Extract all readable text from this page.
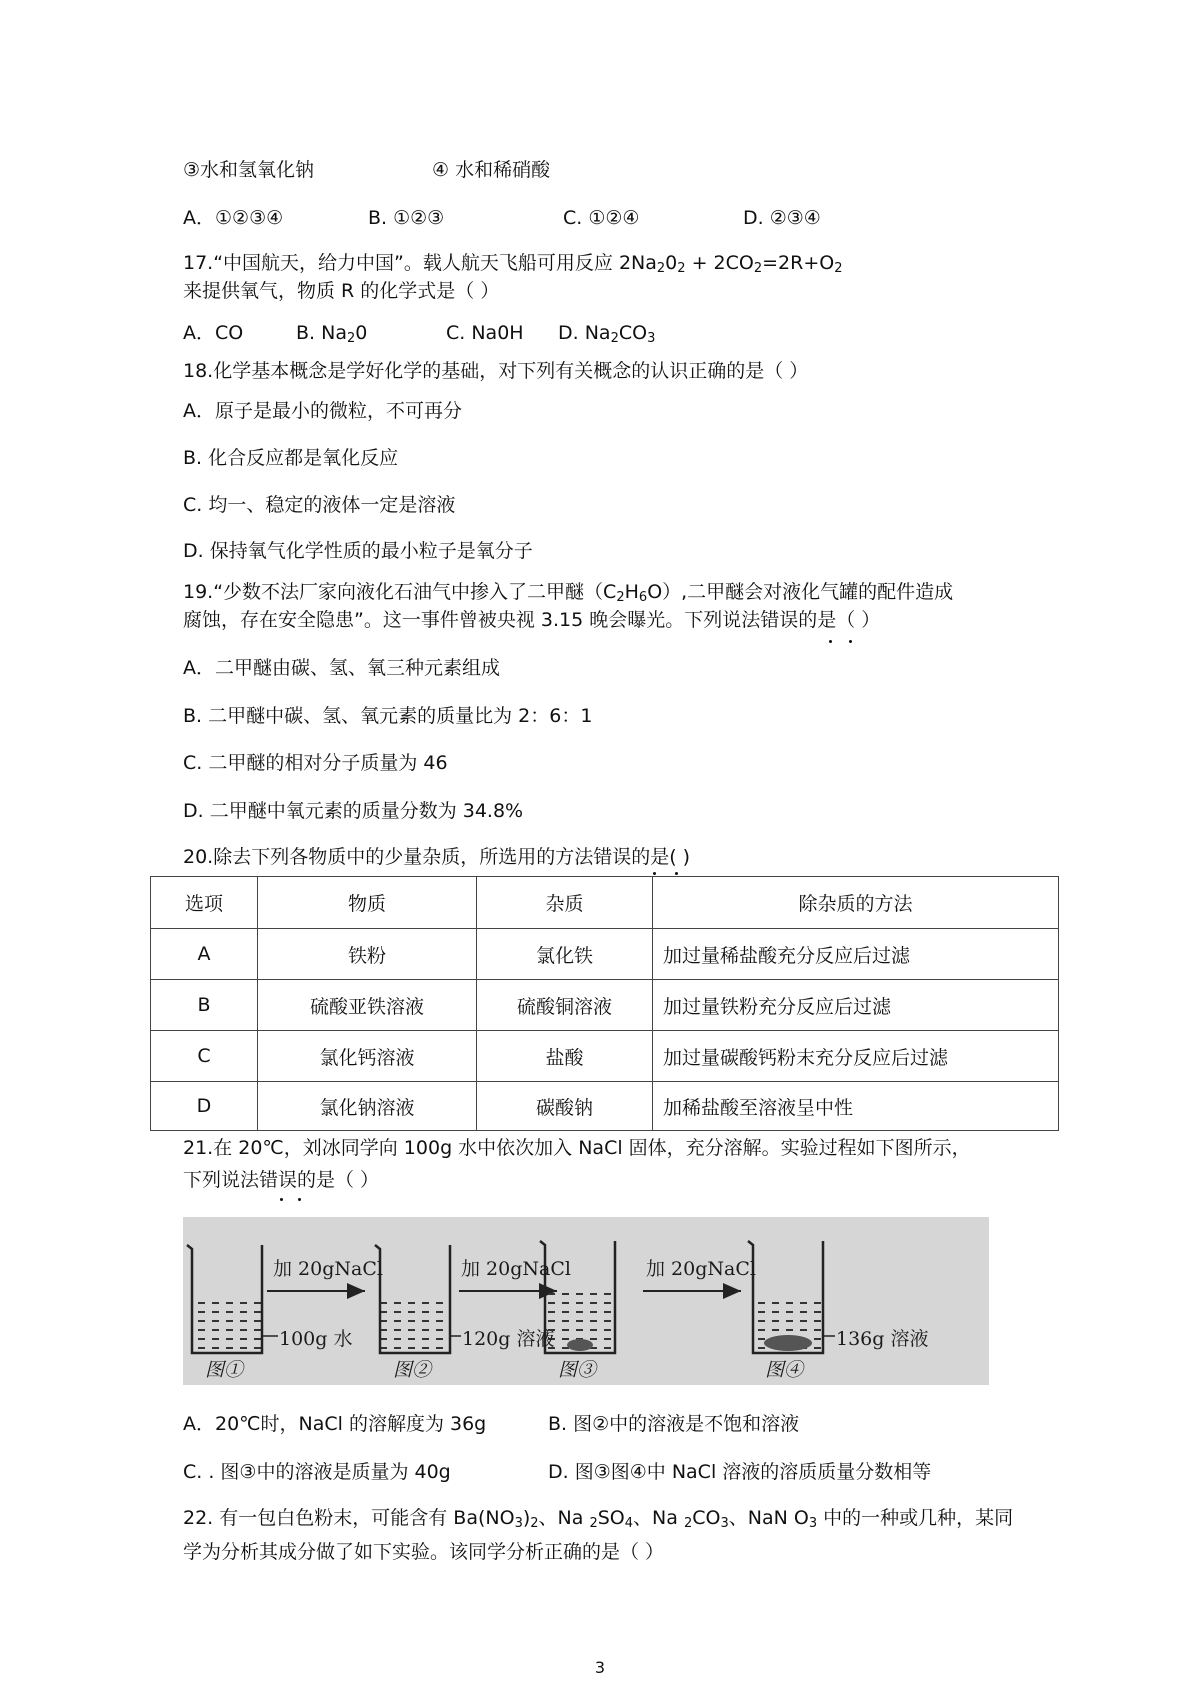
③水和氢氧化钠	④ 水和稀硝酸
A．①②③④	B. ①②③	C. ①②④	D. ②③④
17.“中国航天，给力中国”。载人航天飞船可用反应 $2Na_20_2 + 2CO_2=2R+O_2$
来提供氧气，物质 R 的化学式是（ ）
A．CO	B. $Na_20$	C. Na0H D. $Na_2CO_3$
18.化学基本概念是学好化学的基础，对下列有关概念的认识正确的是（ ）
A．原子是最小的微粒，不可再分
B. 化合反应都是氧化反应
C. 均一、稳定的液体一定是溶液
D. 保持氧气化学性质的最小粒子是氧分子
19.“少数不法厂家向液化石油气中掺入了二甲醚$(C_2H_6O)$,二甲醚会对液化气罐的配件造成
腐蚀，存在安全隐患”。这一事件曾被央视 3.15 晚会曝光。下列说法错误的是（ ）
A．二甲醚由碳、氢、氧三种元素组成
B. 二甲醚中碳、氢、氧元素的质量比为 2：6：1
C. 二甲醚的相对分子质量为 46
D. 二甲醚中氧元素的质量分数为 34.8%
20.除去下列各物质中的少量杂质，所选用的方法错误的是( )
选项	物质	杂质	除杂质的方法
A	铁粉	氯化铁	加过量稀盐酸充分反应后过滤
B	硫酸亚铁溶液	硫酸铜溶液	加过量铁粉充分反应后过滤
C	氯化钙溶液	盐酸	加过量碳酸钙粉末充分反应后过滤
D	氯化钠溶液	碳酸钠	加稀盐酸至溶液呈中性
21.在 20℃，刘冰同学向 100g 水中依次加入 NaCl 固体，充分溶解。实验过程如下图所示，
下列说法错误的是（ ）
加 20gNaCl	加 20gNaCl	加 20gNaCl
100g 水	120g 溶液	136g 溶液
图①	图②	图③	图④
A．20℃时，NaCl 的溶解度为 36g	B. 图②中的溶液是不饱和溶液
C. . 图③中的溶液是质量为 40g	D. 图③图④中 NaCl 溶液的溶质质量分数相等
22. 有一包白色粉末，可能含有 $Ba(NO_3)_2$、Na $_2SO_4$、Na $_2CO_3$、NaN $O_3$ 中的一种或几种，某同
学为分析其成分做了如下实验。该同学分析正确的是（ ）
3
